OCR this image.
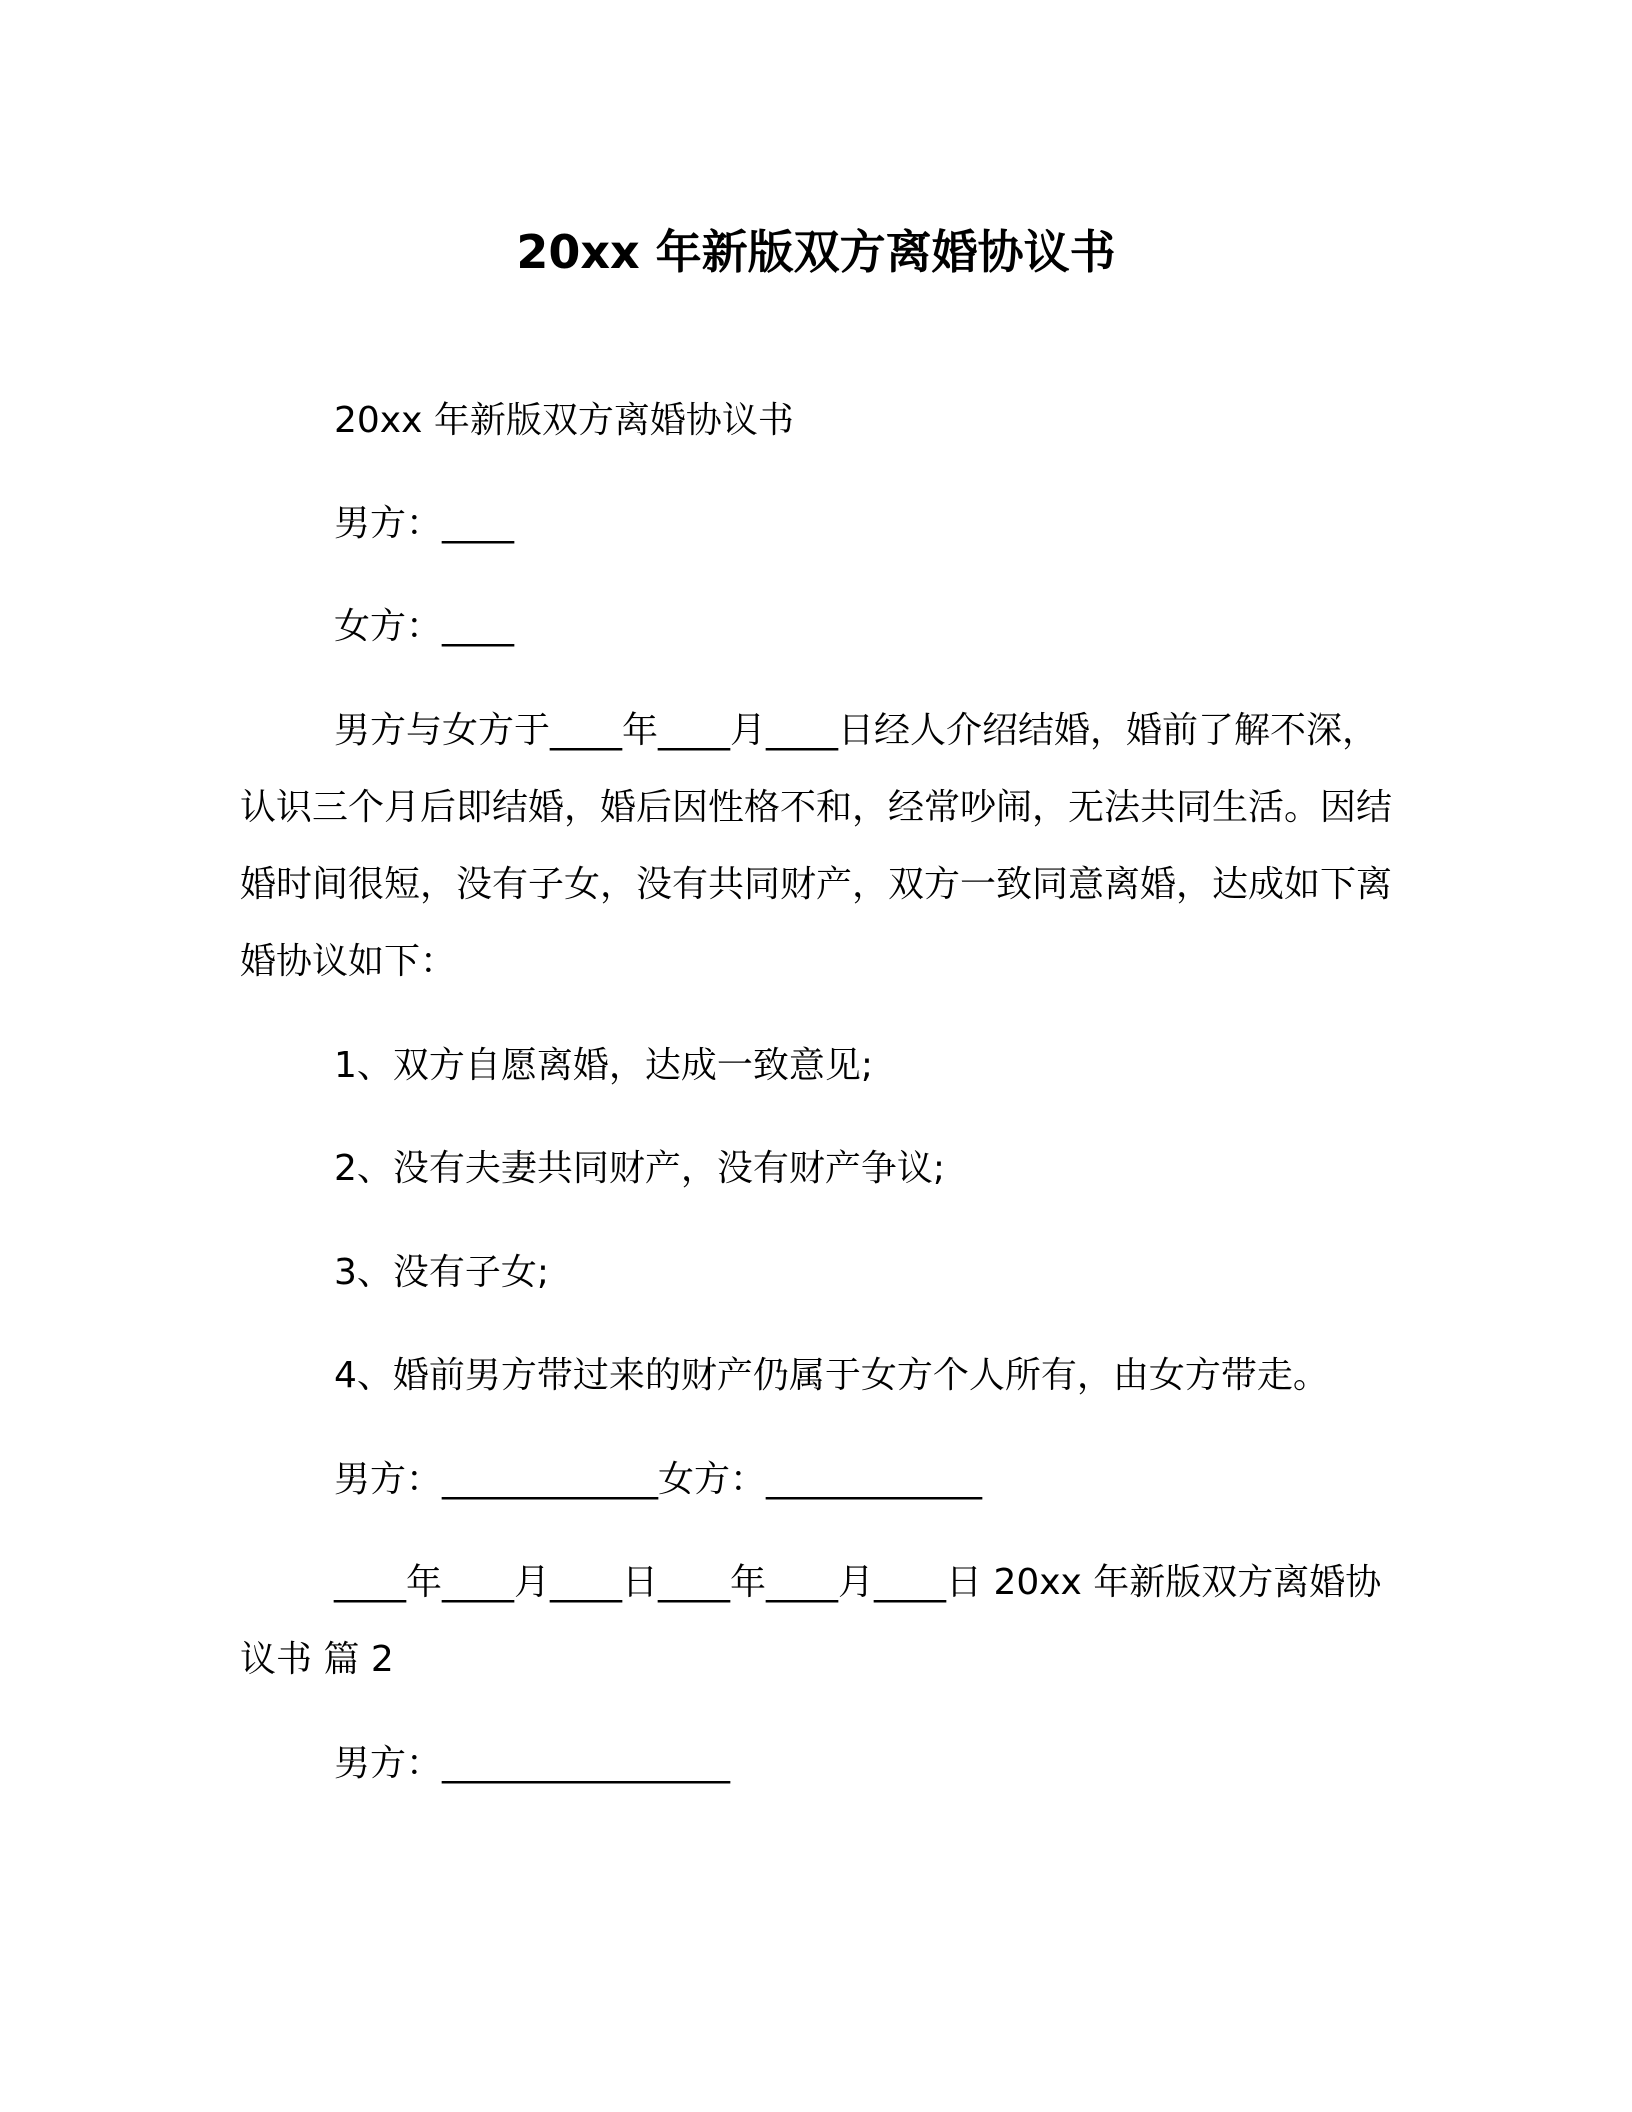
20xx 年新版双方离婚协议书

20xx 年新版双方离婚协议书

男方：____

女方：____

男方与女方于____年____月____日经人介绍结婚，婚前了解不深，认识三个月后即结婚，婚后因性格不和，经常吵闹，无法共同生活。因结婚时间很短，没有子女，没有共同财产，双方一致同意离婚，达成如下离婚协议如下：

1、双方自愿离婚，达成一致意见;

2、没有夫妻共同财产，没有财产争议;

3、没有子女;

4、婚前男方带过来的财产仍属于女方个人所有，由女方带走。

男方：____________女方：____________

____年____月____日____年____月____日 20xx 年新版双方离婚协议书 篇 2

男方：________________
